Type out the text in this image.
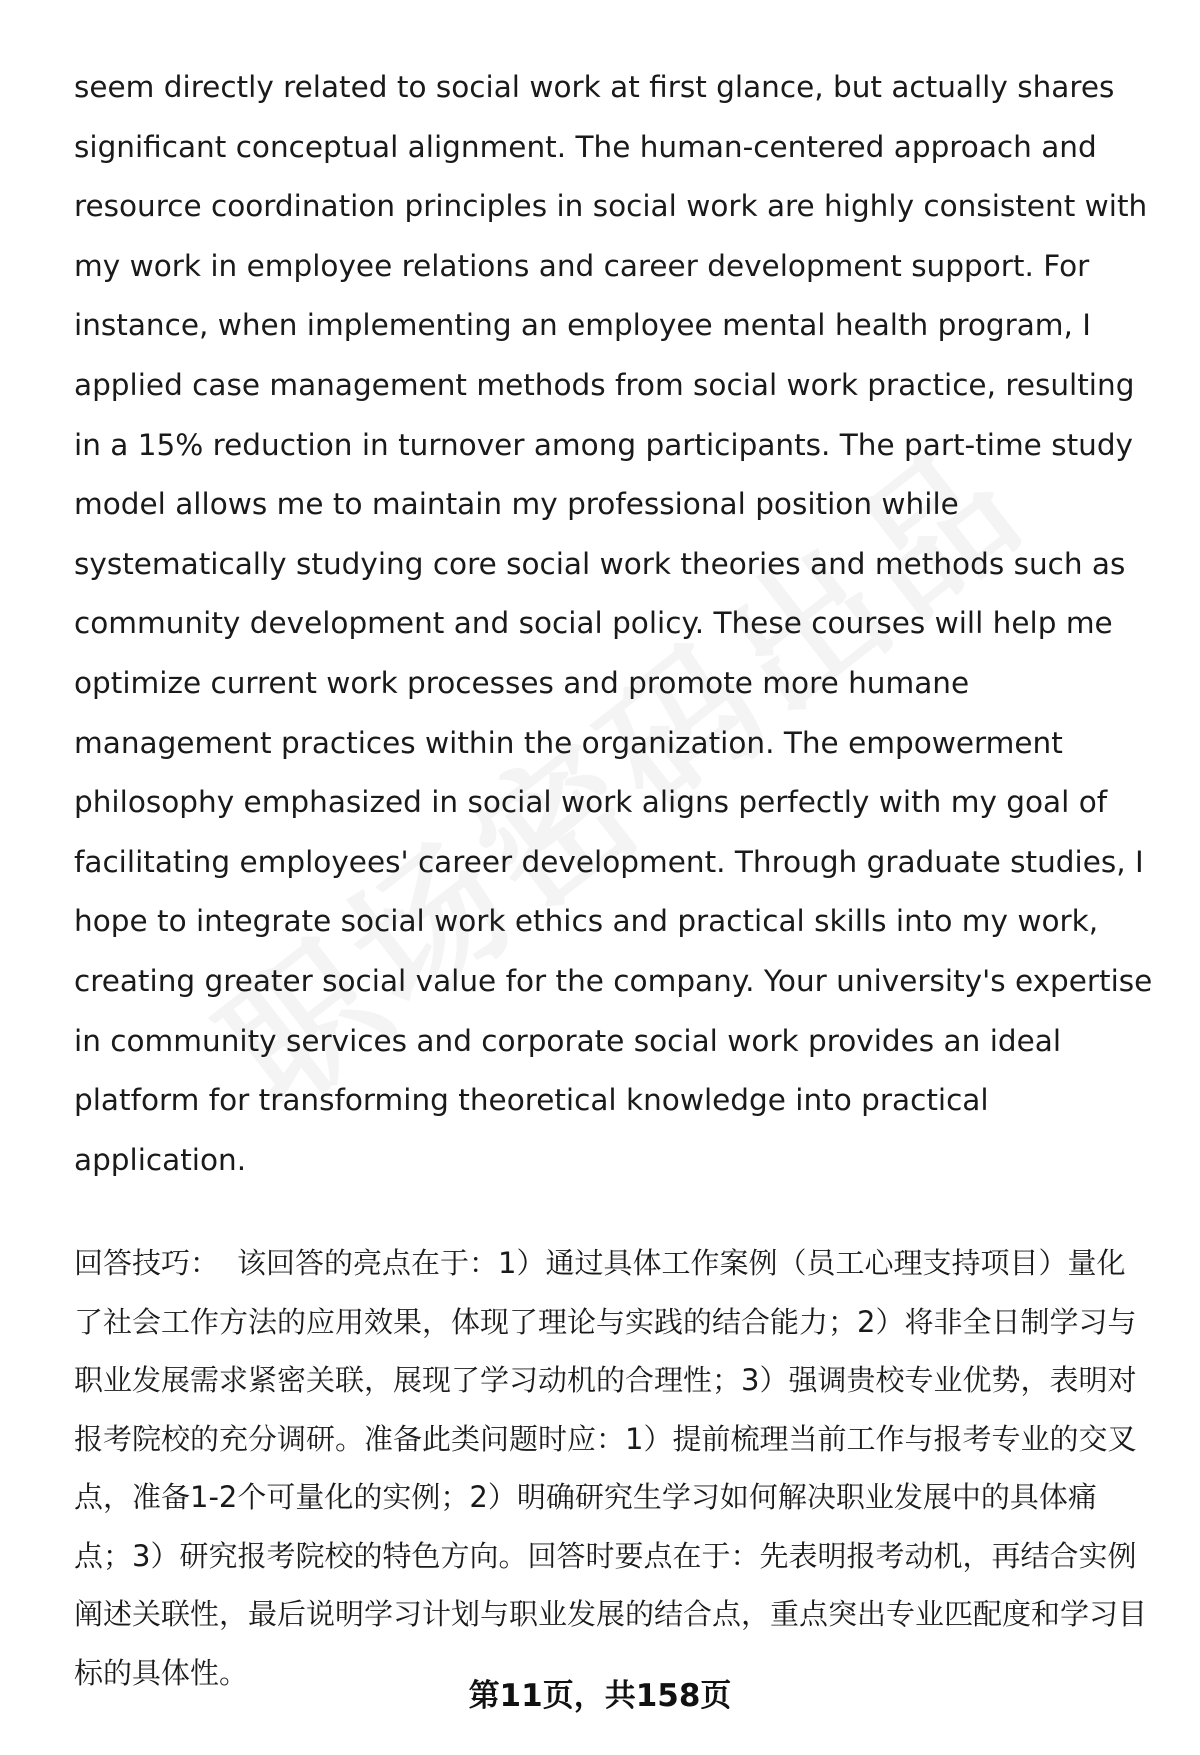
seem directly related to social work at first glance, but actually shares significant conceptual alignment. The human-centered approach and resource coordination principles in social work are highly consistent with my work in employee relations and career development support. For instance, when implementing an employee mental health program, I applied case management methods from social work practice, resulting in a 15% reduction in turnover among participants. The part-time study model allows me to maintain my professional position while systematically studying core social work theories and methods such as community development and social policy. These courses will help me optimize current work processes and promote more humane management practices within the organization. The empowerment philosophy emphasized in social work aligns perfectly with my goal of facilitating employees' career development. Through graduate studies, I hope to integrate social work ethics and practical skills into my work, creating greater social value for the company. Your university's expertise in community services and corporate social work provides an ideal platform for transforming theoretical knowledge into practical application.

回答技巧： 该回答的亮点在于：1）通过具体工作案例（员工心理支持项目）量化了社会工作方法的应用效果，体现了理论与实践的结合能力；2）将非全日制学习与职业发展需求紧密关联，展现了学习动机的合理性；3）强调贵校专业优势，表明对报考院校的充分调研。准备此类问题时应：1）提前梳理当前工作与报考专业的交叉点，准备1-2个可量化的实例；2）明确研究生学习如何解决职业发展中的具体痛点；3）研究报考院校的特色方向。回答时要点在于：先表明报考动机，再结合实例阐述关联性，最后说明学习计划与职业发展的结合点，重点突出专业匹配度和学习目标的具体性。

第11页，共158页
